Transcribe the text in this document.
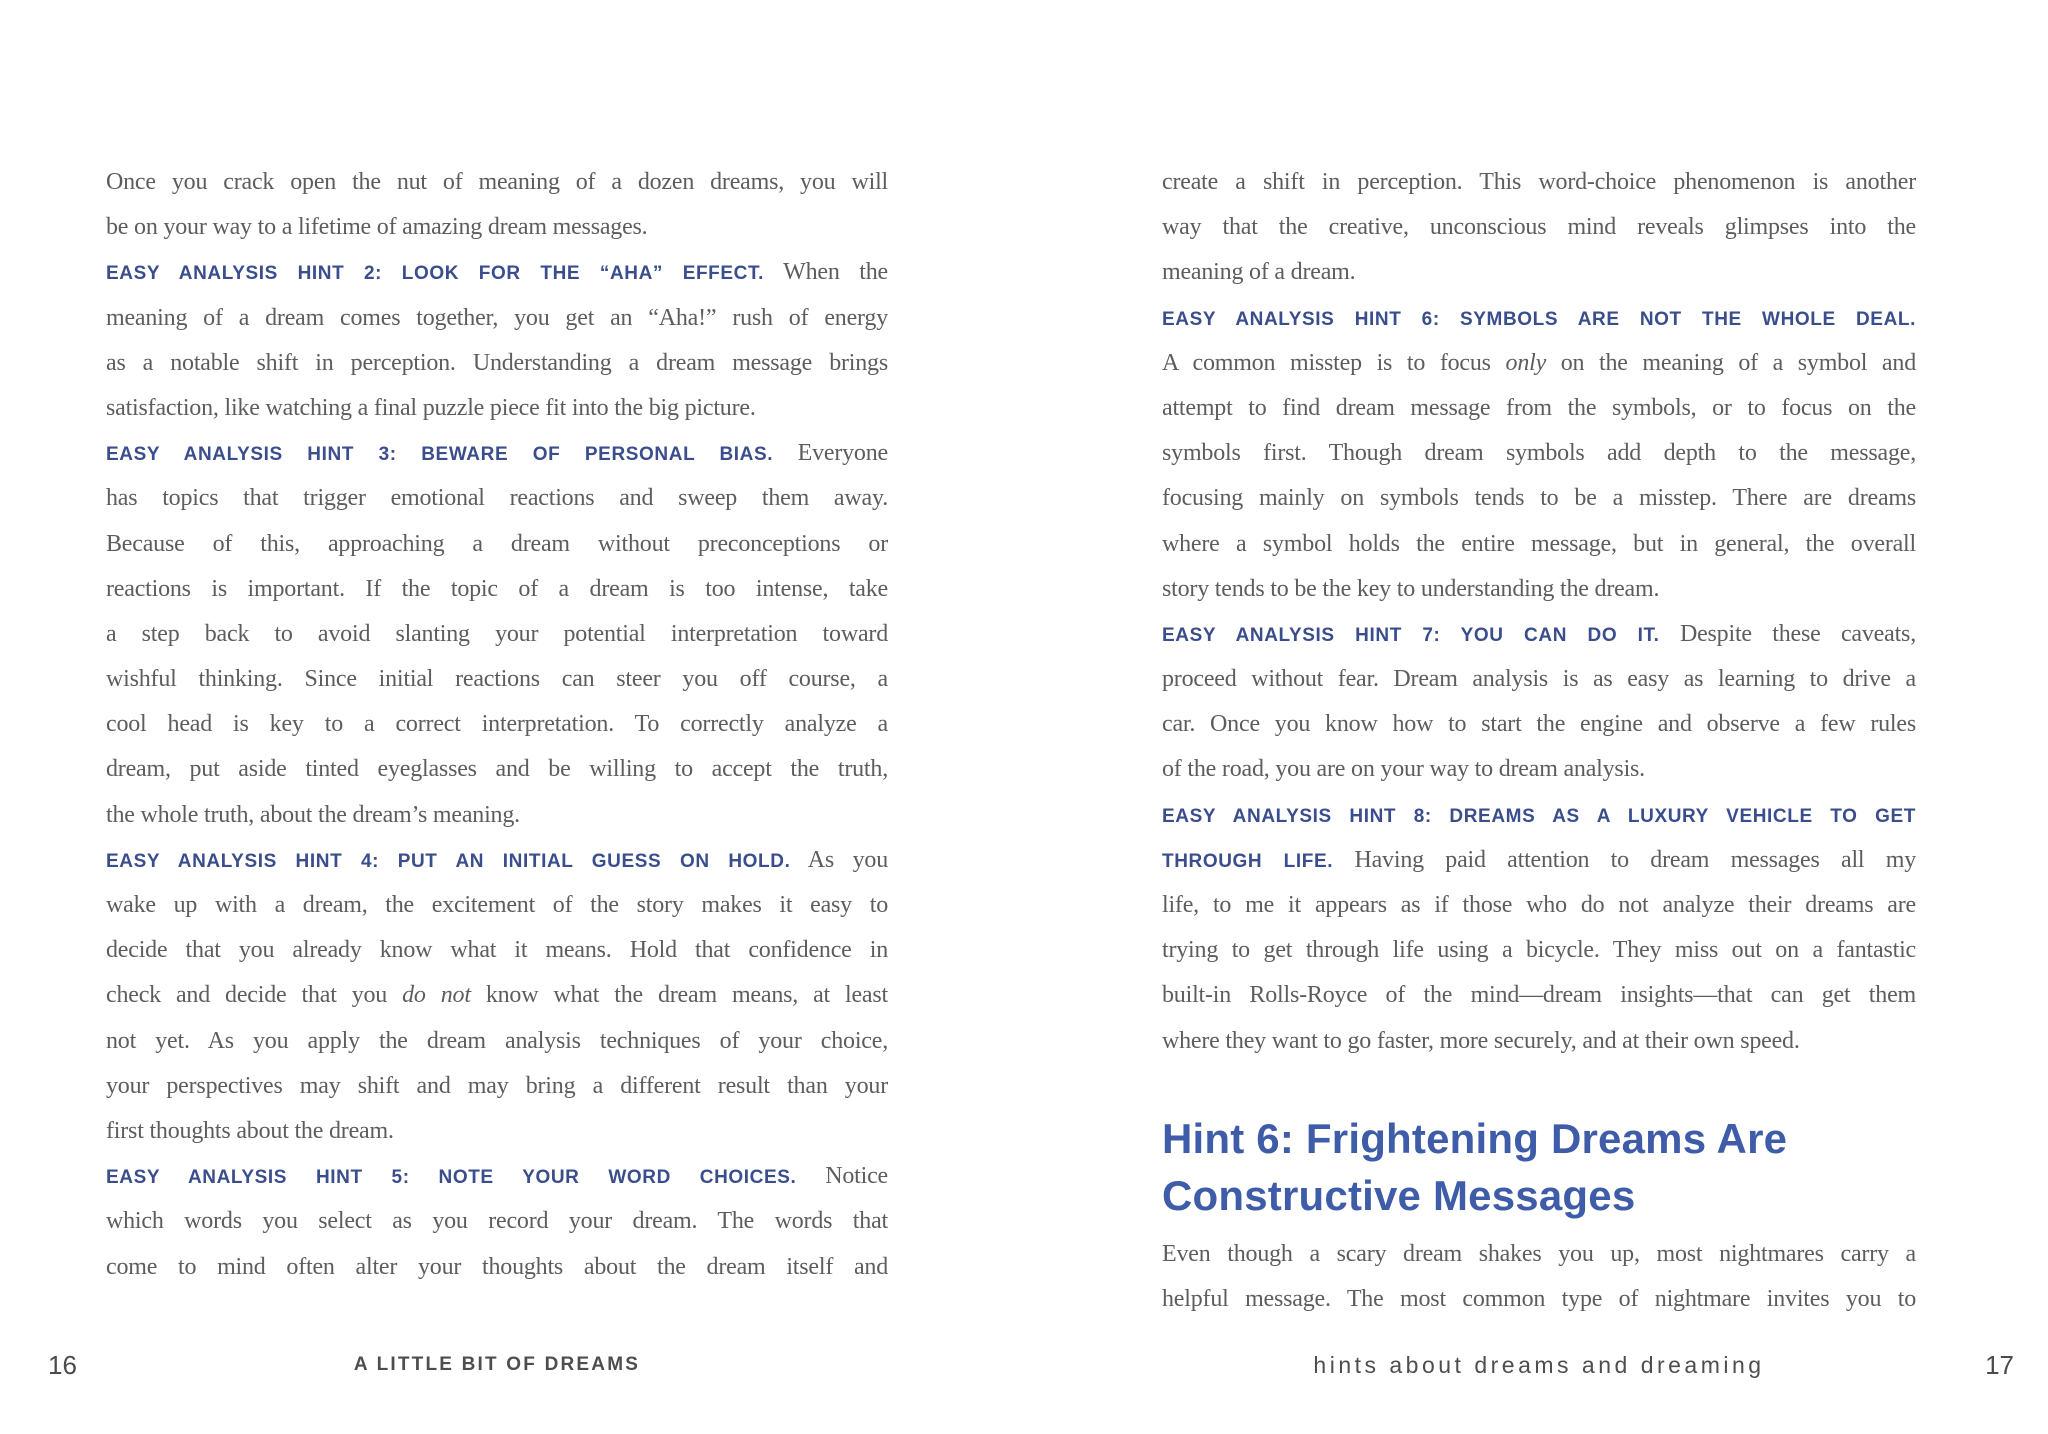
Once you crack open the nut of meaning of a dozen dreams, you will
be on your way to a lifetime of amazing dream messages.
EASY ANALYSIS HINT 2: LOOK FOR THE “AHA” EFFECT. When the
meaning of a dream comes together, you get an “Aha!” rush of energy
as a notable shift in perception. Understanding a dream message brings
satisfaction, like watching a final puzzle piece fit into the big picture.
EASY ANALYSIS HINT 3: BEWARE OF PERSONAL BIAS. Everyone
has topics that trigger emotional reactions and sweep them away.
Because of this, approaching a dream without preconceptions or
reactions is important. If the topic of a dream is too intense, take
a step back to avoid slanting your potential interpretation toward
wishful thinking. Since initial reactions can steer you off course, a
cool head is key to a correct interpretation. To correctly analyze a
dream, put aside tinted eyeglasses and be willing to accept the truth,
the whole truth, about the dream’s meaning.
EASY ANALYSIS HINT 4: PUT AN INITIAL GUESS ON HOLD. As you
wake up with a dream, the excitement of the story makes it easy to
decide that you already know what it means. Hold that confidence in
check and decide that you do not know what the dream means, at least
not yet. As you apply the dream analysis techniques of your choice,
your perspectives may shift and may bring a different result than your
first thoughts about the dream.
EASY ANALYSIS HINT 5: NOTE YOUR WORD CHOICES. Notice
which words you select as you record your dream. The words that
come to mind often alter your thoughts about the dream itself and
create a shift in perception. This word-choice phenomenon is another
way that the creative, unconscious mind reveals glimpses into the
meaning of a dream.
EASY ANALYSIS HINT 6: SYMBOLS ARE NOT THE WHOLE DEAL.
A common misstep is to focus only on the meaning of a symbol and
attempt to find dream message from the symbols, or to focus on the
symbols first. Though dream symbols add depth to the message,
focusing mainly on symbols tends to be a misstep. There are dreams
where a symbol holds the entire message, but in general, the overall
story tends to be the key to understanding the dream.
EASY ANALYSIS HINT 7: YOU CAN DO IT. Despite these caveats,
proceed without fear. Dream analysis is as easy as learning to drive a
car. Once you know how to start the engine and observe a few rules
of the road, you are on your way to dream analysis.
EASY ANALYSIS HINT 8: DREAMS AS A LUXURY VEHICLE TO GET
THROUGH LIFE. Having paid attention to dream messages all my
life, to me it appears as if those who do not analyze their dreams are
trying to get through life using a bicycle. They miss out on a fantastic
built-in Rolls-Royce of the mind—dream insights—that can get them
where they want to go faster, more securely, and at their own speed.
Hint 6: Frightening Dreams Are
Constructive Messages
Even though a scary dream shakes you up, most nightmares carry a
helpful message. The most common type of nightmare invites you to
16	A LITTLE BIT OF DREAMS	hints about dreams and dreaming	17
